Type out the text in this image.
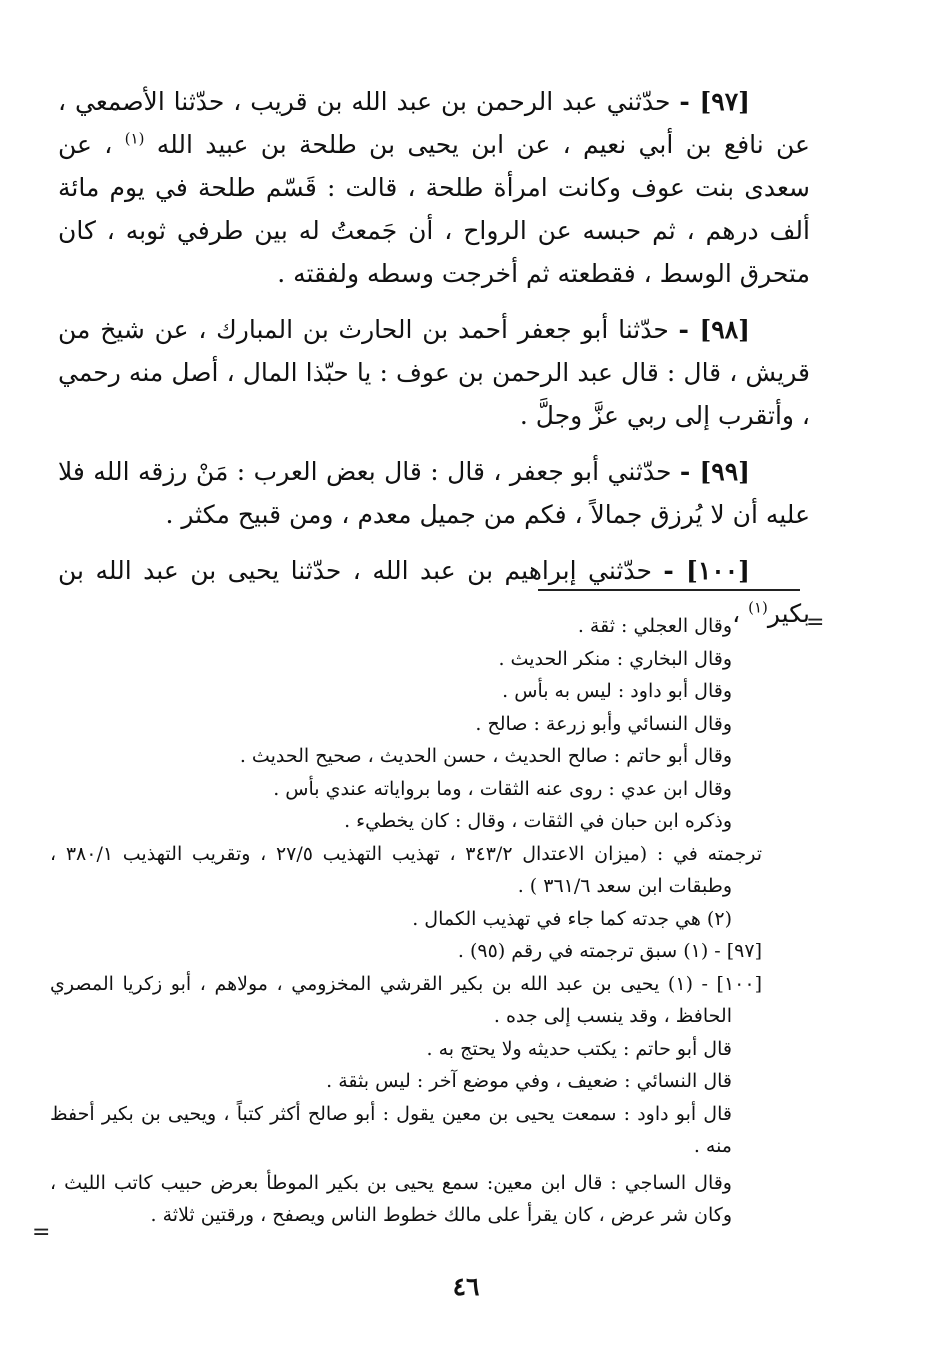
[٩٧] - حدّثني عبد الرحمن بن عبد الله بن قريب ، حدّثنا الأصمعي ، عن نافع بن أبي نعيم ، عن ابن يحيى بن طلحة بن عبيد الله $^{(١)}$ ، عن سعدى بنت عوف وكانت امرأة طلحة ، قالت : قَسّم طلحة في يوم مائة ألف درهم ، ثم حبسه عن الرواح ، أن جَمعتُ له بين طرفي ثوبه ، كان متحرق الوسط ، فقطعته ثم أخرجت وسطه ولفقته .

[٩٨] - حدّثنا أبو جعفر أحمد بن الحارث بن المبارك ، عن شيخ من قريش ، قال : قال عبد الرحمن بن عوف : يا حبّذا المال ، أصل منه رحمي ، وأتقرب إلى ربي عزَّ وجلَّ .

[٩٩] - حدّثني أبو جعفر ، قال : قال بعض العرب : مَنْ رزقه الله فلا عليه أن لا يُرزق جمالاً ، فكم من جميل معدم ، ومن قبيح مكثر .

[١٠٠] - حدّثني إبراهيم بن عبد الله ، حدّثنا يحيى بن عبد الله بن بكير$^{(١)}$ ،	=

وقال العجلي : ثقة .

وقال البخاري : منكر الحديث .

وقال أبو داود : ليس به بأس .

وقال النسائي وأبو زرعة : صالح .

وقال أبو حاتم : صالح الحديث ، حسن الحديث ، صحيح الحديث .

وقال ابن عدي : روى عنه الثقات ، وما برواياته عندي بأس .

وذكره ابن حبان في الثقات ، وقال : كان يخطيء .

ترجمته في : (ميزان الاعتدال ٣٤٣/٢ ، تهذيب التهذيب ٢٧/٥ ، وتقريب التهذيب ٣٨٠/١ ، وطبقات ابن سعد ٣٦١/٦ ) .

(٢) هي جدته كما جاء في تهذيب الكمال .

[٩٧] - (١) سبق ترجمته في رقم (٩٥) .

[١٠٠] - (١) يحيى بن عبد الله بن بكير القرشي المخزومي ، مولاهم ، أبو زكريا المصري الحافظ ، وقد ينسب إلى جده .

قال أبو حاتم : يكتب حديثه ولا يحتج به .

قال النسائي : ضعيف ، وفي موضع آخر : ليس بثقة .

قال أبو داود : سمعت يحيى بن معين يقول : أبو صالح أكثر كتباً ، ويحيى بن بكير أحفظ منه .

وقال الساجي : قال ابن معين: سمع يحيى بن بكير الموطأ بعرض حبيب كاتب الليث ، وكان شر عرض ، كان يقرأ على مالك خطوط الناس ويصفح ، ورقتين ثلاثة .

=
٤٦
